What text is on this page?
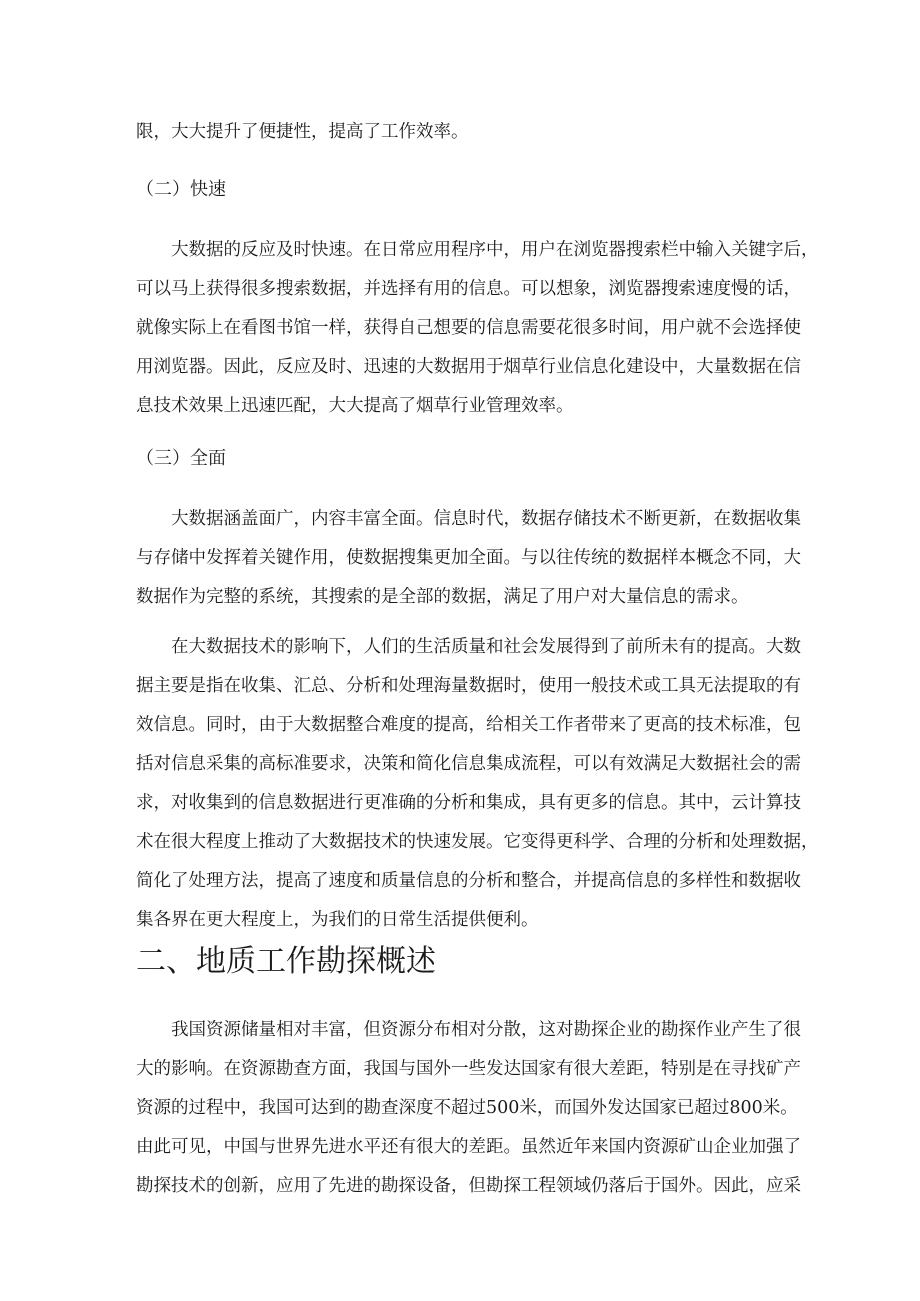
限，大大提升了便捷性，提高了工作效率。

（二）快速

大数据的反应及时快速。在日常应用程序中，用户在浏览器搜索栏中输入关键字后，

可以马上获得很多搜索数据，并选择有用的信息。可以想象，浏览器搜索速度慢的话，

就像实际上在看图书馆一样，获得自己想要的信息需要花很多时间，用户就不会选择使

用浏览器。因此，反应及时、迅速的大数据用于烟草行业信息化建设中，大量数据在信

息技术效果上迅速匹配，大大提高了烟草行业管理效率。

（三）全面

大数据涵盖面广，内容丰富全面。信息时代，数据存储技术不断更新，在数据收集

与存储中发挥着关键作用，使数据搜集更加全面。与以往传统的数据样本概念不同，大

数据作为完整的系统，其搜索的是全部的数据，满足了用户对大量信息的需求。

在大数据技术的影响下，人们的生活质量和社会发展得到了前所未有的提高。大数

据主要是指在收集、汇总、分析和处理海量数据时，使用一般技术或工具无法提取的有

效信息。同时，由于大数据整合难度的提高，给相关工作者带来了更高的技术标准，包

括对信息采集的高标准要求，决策和简化信息集成流程，可以有效满足大数据社会的需

求，对收集到的信息数据进行更准确的分析和集成，具有更多的信息。其中，云计算技

术在很大程度上推动了大数据技术的快速发展。它变得更科学、合理的分析和处理数据，

简化了处理方法，提高了速度和质量信息的分析和整合，并提高信息的多样性和数据收

集各界在更大程度上，为我们的日常生活提供便利。

二、地质工作勘探概述

我国资源储量相对丰富，但资源分布相对分散，这对勘探企业的勘探作业产生了很

大的影响。在资源勘查方面，我国与国外一些发达国家有很大差距，特别是在寻找矿产

资源的过程中，我国可达到的勘查深度不超过500米，而国外发达国家已超过800米。

由此可见，中国与世界先进水平还有很大的差距。虽然近年来国内资源矿山企业加强了

勘探技术的创新，应用了先进的勘探设备，但勘探工程领域仍落后于国外。因此，应采
